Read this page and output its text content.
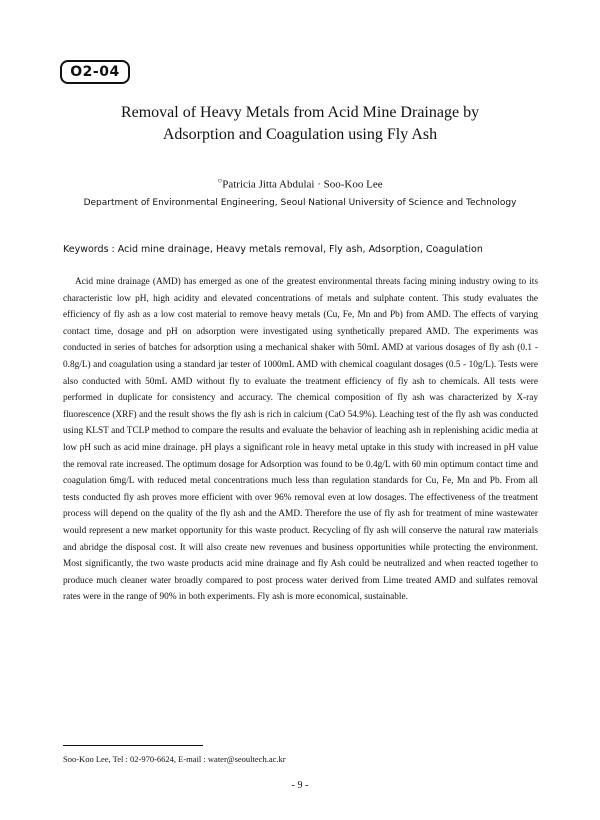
O2-04
Removal of Heavy Metals from Acid Mine Drainage by
Adsorption and Coagulation using Fly Ash
○Patricia Jitta Abdulai · Soo-Koo Lee
Department of Environmental Engineering, Seoul National University of Science and Technology
Keywords : Acid mine drainage, Heavy metals removal, Fly ash, Adsorption, Coagulation

Acid mine drainage (AMD) has emerged as one of the greatest environmental threats facing mining industry owing to its characteristic low pH, high acidity and elevated concentrations of metals and sulphate content. This study evaluates the efficiency of fly ash as a low cost material to remove heavy metals (Cu, Fe, Mn and Pb) from AMD. The effects of varying contact time, dosage and pH on adsorption were investigated using synthetically prepared AMD. The experiments was conducted in series of batches for adsorption using a mechanical shaker with 50mL AMD at various dosages of fly ash (0.1 - 0.8g/L) and coagulation using a standard jar tester of 1000mL AMD with chemical coagulant dosages (0.5 - 10g/L). Tests were also conducted with 50mL AMD without fly to evaluate the treatment efficiency of fly ash to chemicals. All tests were performed in duplicate for consistency and accuracy. The chemical composition of fly ash was characterized by X-ray fluorescence (XRF) and the result shows the fly ash is rich in calcium (CaO 54.9%). Leaching test of the fly ash was conducted using KLST and TCLP method to compare the results and evaluate the behavior of leaching ash in replenishing acidic media at low pH such as acid mine drainage. pH plays a significant role in heavy metal uptake in this study with increased in pH value the removal rate increased. The optimum dosage for Adsorption was found to be 0.4g/L with 60 min optimum contact time and coagulation 6mg/L with reduced metal concentrations much less than regulation standards for Cu, Fe, Mn and Pb. From all tests conducted fly ash proves more efficient with over 96% removal even at low dosages. The effectiveness of the treatment process will depend on the quality of the fly ash and the AMD. Therefore the use of fly ash for treatment of mine wastewater would represent a new market opportunity for this waste product. Recycling of fly ash will conserve the natural raw materials and abridge the disposal cost. It will also create new revenues and business opportunities while protecting the environment. Most significantly, the two waste products acid mine drainage and fly Ash could be neutralized and when reacted together to produce much cleaner water broadly compared to post process water derived from Lime treated AMD and sulfates removal rates were in the range of 90% in both experiments. Fly ash is more economical, sustainable.

Soo-Koo Lee, Tel : 02-970-6624, E-mail : water@seoultech.ac.kr
- 9 -
